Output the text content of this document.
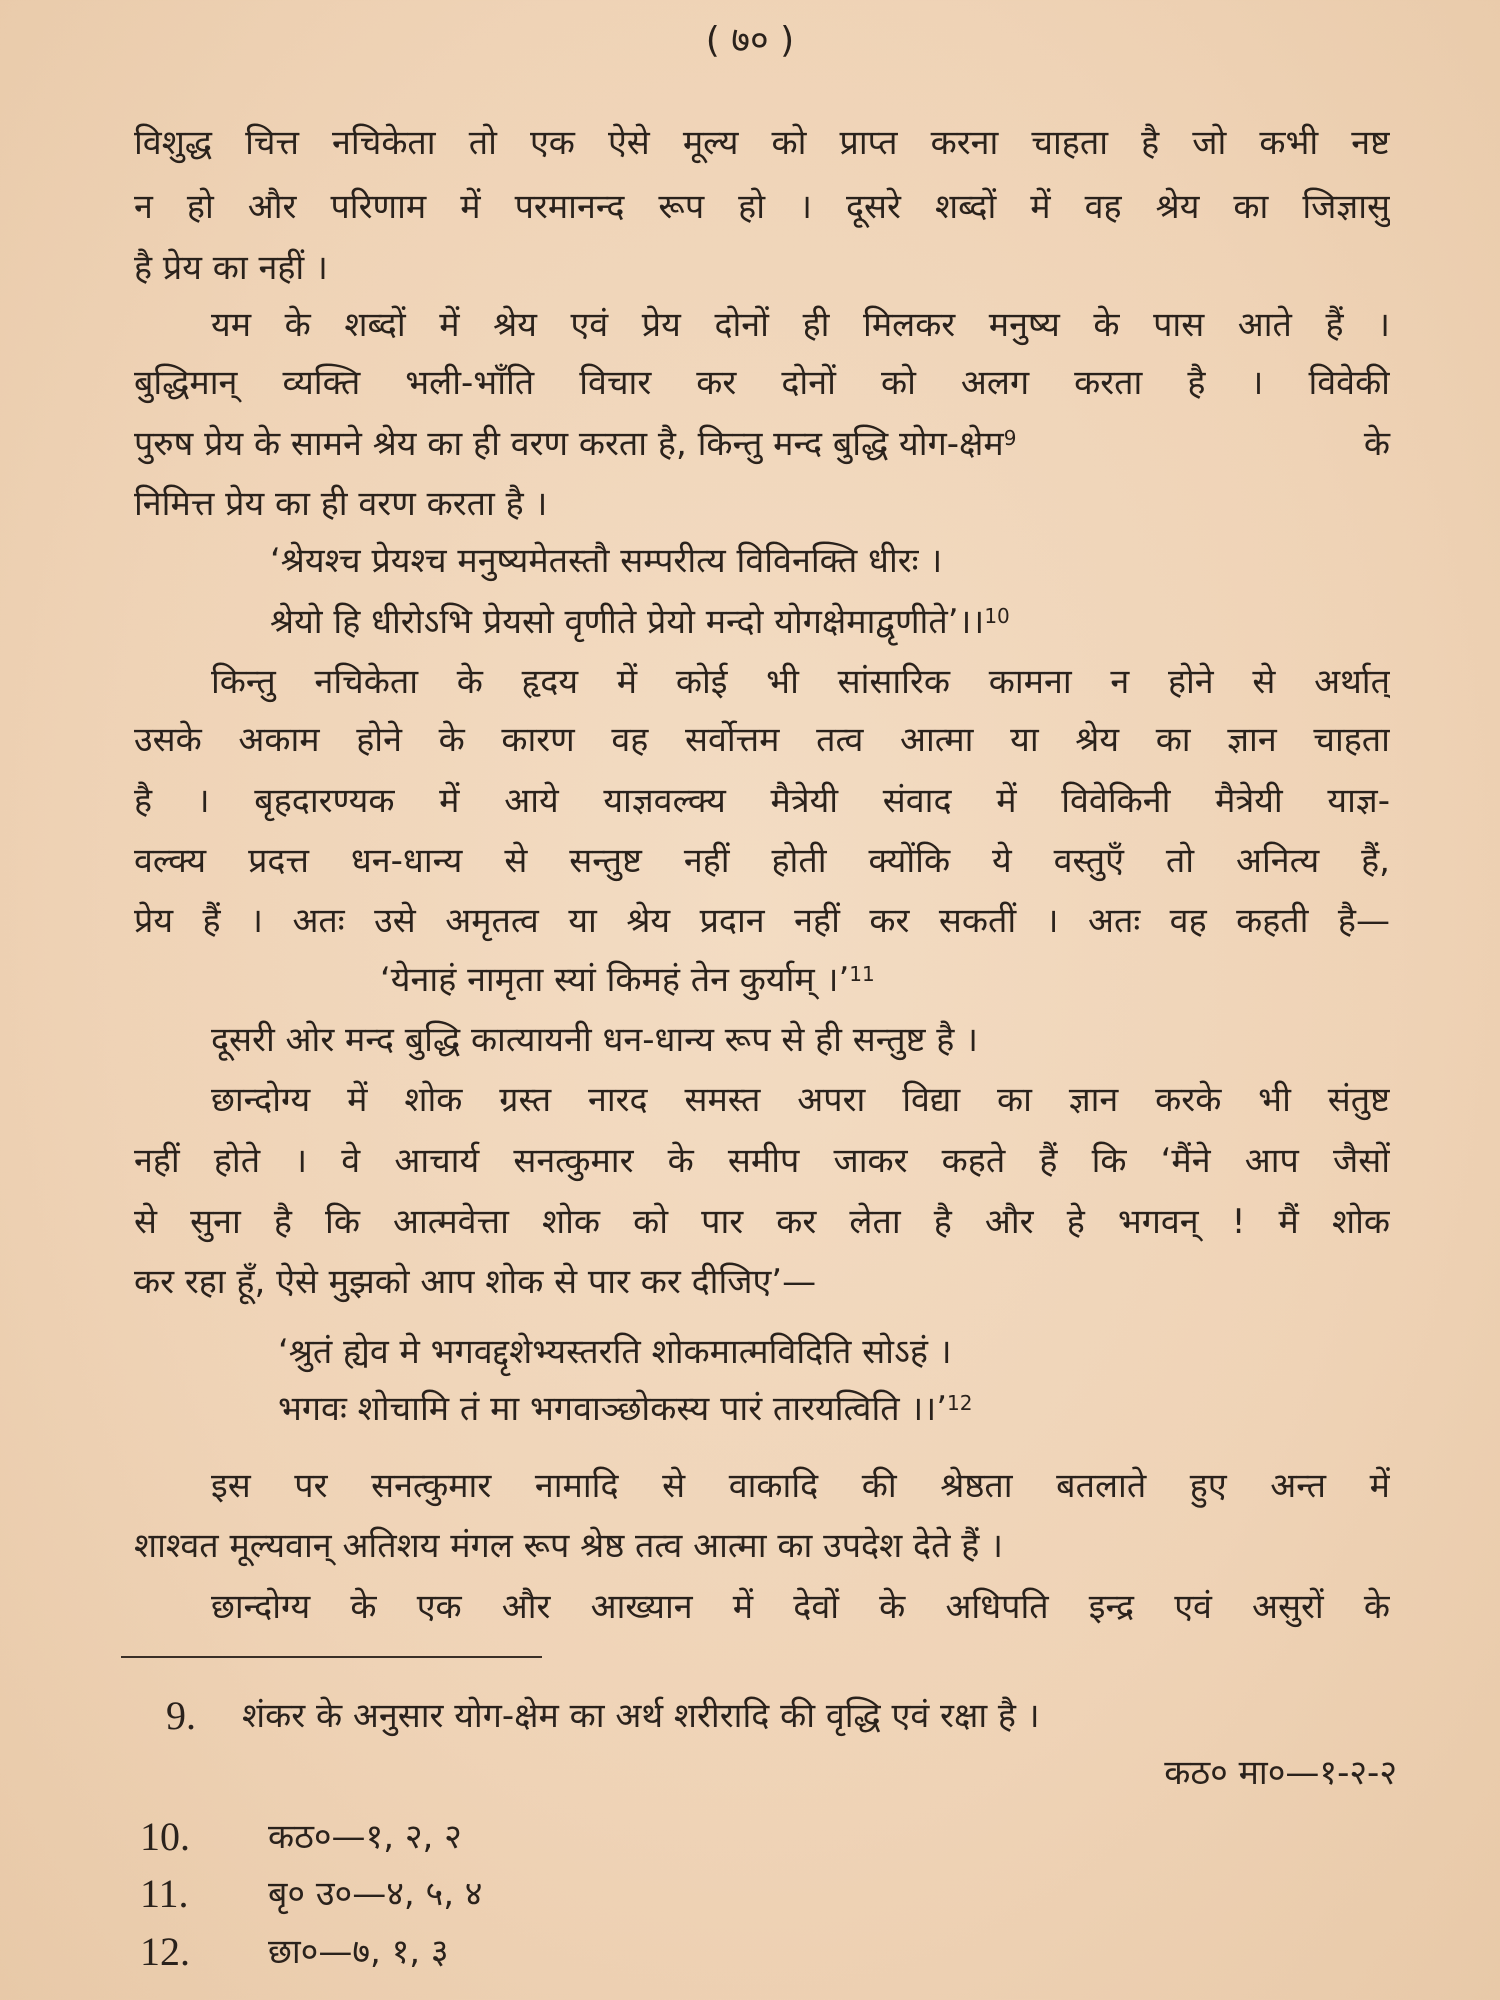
( ७० )
विशुद्ध चित्त नचिकेता तो एक ऐसे मूल्य को प्राप्त करना चाहता है जो कभी नष्ट
न हो और परिणाम में परमानन्द रूप हो । दूसरे शब्दों में वह श्रेय का जिज्ञासु
है प्रेय का नहीं ।
यम के शब्दों में श्रेय एवं प्रेय दोनों ही मिलकर मनुष्य के पास आते हैं ।
बुद्धिमान् व्यक्ति भली-भाँति विचार कर दोनों को अलग करता है । विवेकी
पुरुष प्रेय के सामने श्रेय का ही वरण करता है, किन्तु मन्द बुद्धि योग-क्षेम$^9$	के
निमित्त प्रेय का ही वरण करता है ।
‘श्रेयश्च प्रेयश्च मनुष्यमेतस्तौ सम्परीत्य विविनक्ति धीरः ।
श्रेयो हि धीरोऽभि प्रेयसो वृणीते प्रेयो मन्दो योगक्षेमाद्वृणीते’।।$^{10}$
किन्तु नचिकेता के हृदय में कोई भी सांसारिक कामना न होने से अर्थात्
उसके अकाम होने के कारण वह सर्वोत्तम तत्व आत्मा या श्रेय का ज्ञान चाहता
है । बृहदारण्यक में आये याज्ञवल्क्य मैत्रेयी संवाद में विवेकिनी मैत्रेयी याज्ञ-
वल्क्य प्रदत्त धन-धान्य से सन्तुष्ट नहीं होती क्योंकि ये वस्तुएँ तो अनित्य हैं,
प्रेय हैं । अतः उसे अमृतत्व या श्रेय प्रदान नहीं कर सकतीं । अतः वह कहती है—
‘येनाहं नामृता स्यां किमहं तेन कुर्याम् ।’$^{11}$
दूसरी ओर मन्द बुद्धि कात्यायनी धन-धान्य रूप से ही सन्तुष्ट है ।
छान्दोग्य में शोक ग्रस्त नारद समस्त अपरा विद्या का ज्ञान करके भी संतुष्ट
नहीं होते । वे आचार्य सनत्कुमार के समीप जाकर कहते हैं कि ‘मैंने आप जैसों
से सुना है कि आत्मवेत्ता शोक को पार कर लेता है और हे भगवन् ! मैं शोक
कर रहा हूँ, ऐसे मुझको आप शोक से पार कर दीजिए’—
‘श्रुतं ह्येव मे भगवद्दृशेभ्यस्तरति शोकमात्मविदिति सोऽहं ।
भगवः शोचामि तं मा भगवाञ्छोकस्य पारं तारयत्विति ।।’$^{12}$
इस पर सनत्कुमार नामादि से वाकादि की श्रेष्ठता बतलाते हुए अन्त में
शाश्वत मूल्यवान् अतिशय मंगल रूप श्रेष्ठ तत्व आत्मा का उपदेश देते हैं ।
छान्दोग्य के एक और आख्यान में देवों के अधिपति इन्द्र एवं असुरों के
9. शंकर के अनुसार योग-क्षेम का अर्थ शरीरादि की वृद्धि एवं रक्षा है ।
कठ० मा०—१-२-२
10. कठ०—१, २, २
11. बृ० उ०—४, ५, ४
12. छा०—७, १, ३
